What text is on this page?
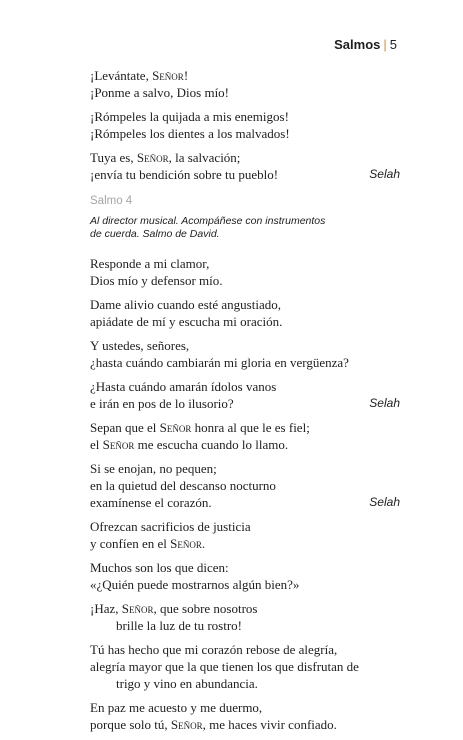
Salmos | 5
¡Levántate, Señor!
¡Ponme a salvo, Dios mío!
¡Rómpeles la quijada a mis enemigos!
¡Rómpeles los dientes a los malvados!
Tuya es, Señor, la salvación;
¡envía tu bendición sobre tu pueblo!	Selah
Salmo 4
Al director musical. Acompáñese con instrumentos de cuerda. Salmo de David.
Responde a mi clamor,
Dios mío y defensor mío.
Dame alivio cuando esté angustiado,
apiádate de mí y escucha mi oración.
Y ustedes, señores,
¿hasta cuándo cambiarán mi gloria en vergüenza?
¿Hasta cuándo amarán ídolos vanos
e irán en pos de lo ilusorio?	Selah
Sepan que el Señor honra al que le es fiel;
el Señor me escucha cuando lo llamo.
Si se enojan, no pequen;
en la quietud del descanso nocturno
examínense el corazón.	Selah
Ofrezcan sacrificios de justicia
y confíen en el Señor.
Muchos son los que dicen:
«¿Quién puede mostrarnos algún bien?»
¡Haz, Señor, que sobre nosotros
brille la luz de tu rostro!
Tú has hecho que mi corazón rebose de alegría,
alegría mayor que la que tienen los que disfrutan de
trigo y vino en abundancia.
En paz me acuesto y me duermo,
porque solo tú, Señor, me haces vivir confiado.
